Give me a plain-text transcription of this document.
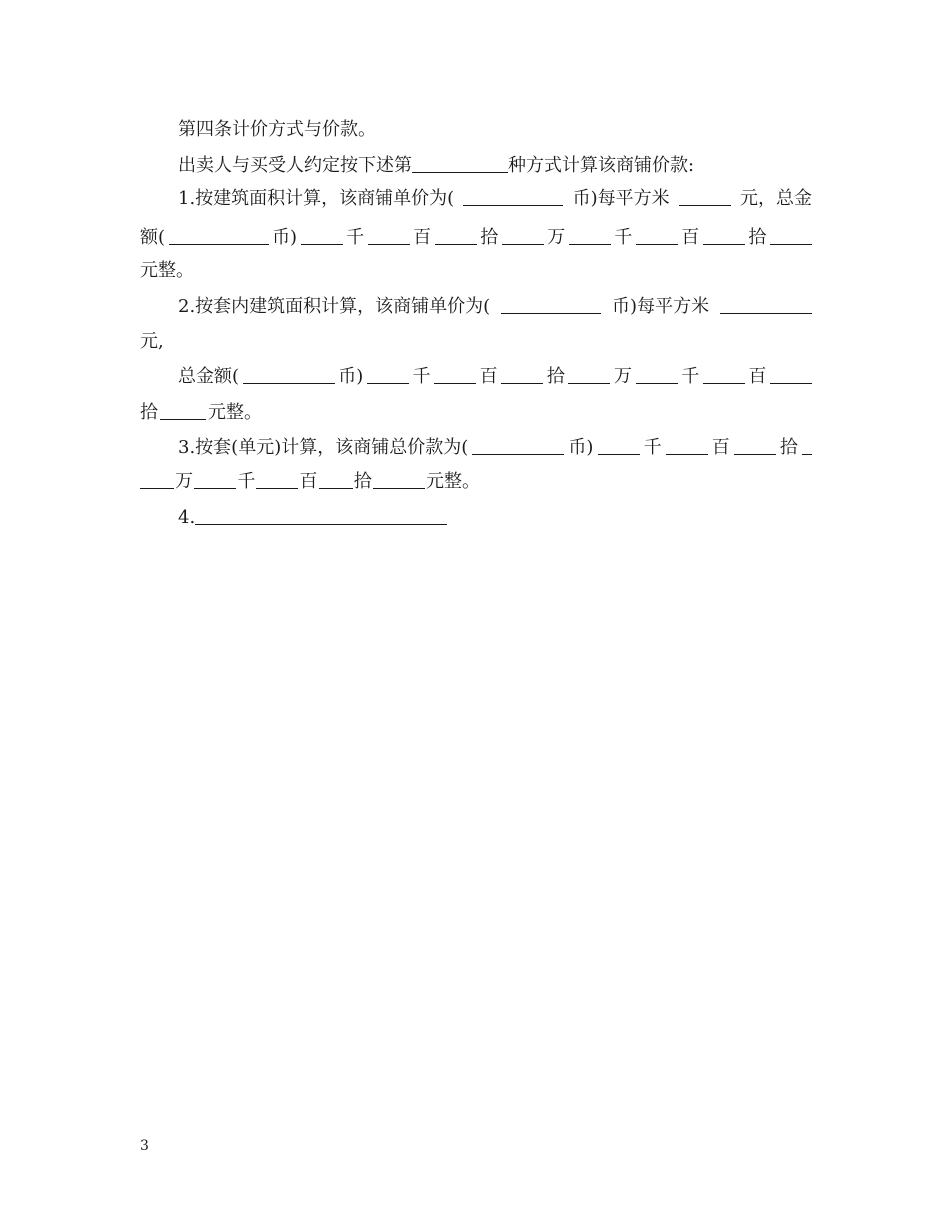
第四条计价方式与价款。
出卖人与买受人约定按下述第	种方式计算该商铺价款:
1.按建筑面积计算，该商铺单价为(	币)每平方米	元，总金
额(	币)	千	百	拾	万	千	百	拾
元整。
2.按套内建筑面积计算，该商铺单价为(	币)每平方米
元,
总金额(	币)	千	百	拾	万	千	百
拾	元整。
3.按套(单元)计算，该商铺总价款为(	币)	千	百	拾
万 千 百 拾	元整。
4.
3
